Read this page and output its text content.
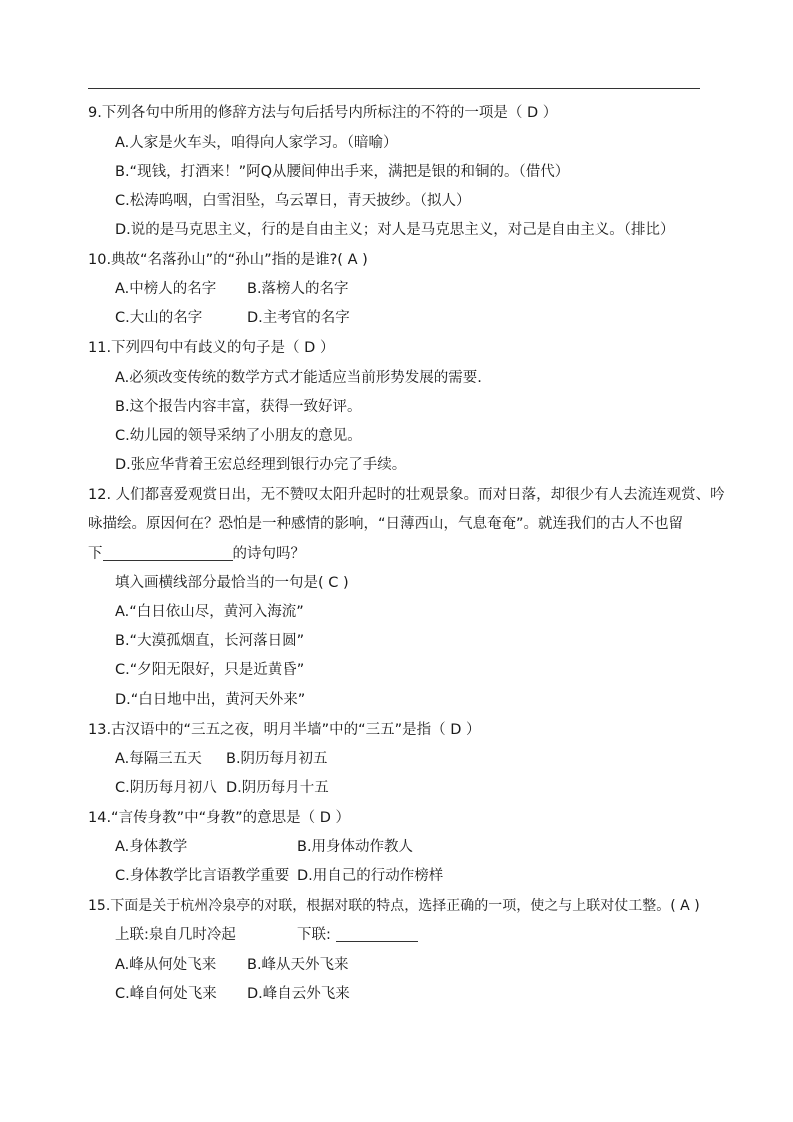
9.下列各句中所用的修辞方法与句后括号内所标注的不符的一项是（ D ）
A.人家是火车头，咱得向人家学习。（暗喻）
B.“现钱，打酒来！”阿Q从腰间伸出手来，满把是银的和铜的。（借代）
C.松涛呜咽，白雪泪坠，乌云罩日，青天披纱。（拟人）
D.说的是马克思主义，行的是自由主义；对人是马克思主义，对己是自由主义。（排比）
10.典故“名落孙山”的“孙山”指的是谁?( A )
A.中榜人的名字 B.落榜人的名字
C.大山的名字	D.主考官的名字
11.下列四句中有歧义的句子是（ D ）
A.必须改变传统的数学方式才能适应当前形势发展的需要.
B.这个报告内容丰富，获得一致好评。
C.幼儿园的领导采纳了小朋友的意见。
D.张应华背着王宏总经理到银行办完了手续。
12. 人们都喜爱观赏日出，无不赞叹太阳升起时的壮观景象。而对日落，却很少有人去流连观赏、吟
咏描绘。原因何在？恐怕是一种感情的影响，“日薄西山，气息奄奄”。就连我们的古人不也留
下	的诗句吗？
填入画横线部分最恰当的一句是( C )
A.“白日依山尽，黄河入海流”
B.“大漠孤烟直，长河落日圆”
C.“夕阳无限好，只是近黄昏”
D.“白日地中出，黄河天外来”
13.古汉语中的“三五之夜，明月半墙”中的“三五”是指（ D ）
A.每隔三五天 B.阴历每月初五
C.阴历每月初八 D.阴历每月十五
14.“言传身教”中“身教”的意思是（ D ）
A.身体教学	B.用身体动作教人
C.身体教学比言语教学重要 D.用自己的行动作榜样
15.下面是关于杭州冷泉亭的对联，根据对联的特点，选择正确的一项，使之与上联对仗工整。( A )
上联:泉自几时冷起	下联:
A.峰从何处飞来 B.峰从天外飞来
C.峰自何处飞来 D.峰自云外飞来
